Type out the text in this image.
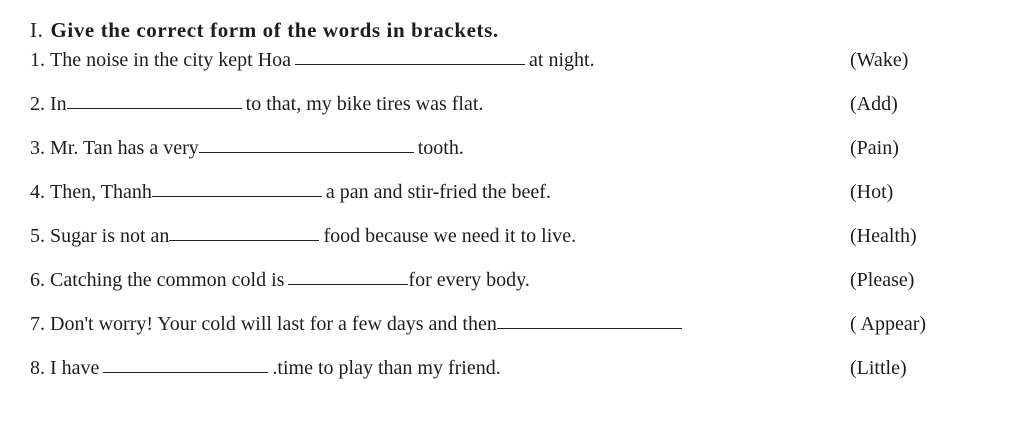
I. Give the correct form of the words in brackets.
1. The noise in the city kept Hoa	at night.	(Wake)
2. In	to that, my bike tires was flat.	(Add)
3. Mr. Tan has a very	tooth.	(Pain)
4. Then, Thanh	a pan and stir-fried the beef.	(Hot)
5. Sugar is not an	food because we need it to live.	(Health)
6. Catching the common cold is	for every body.	(Please)
7. Don't worry! Your cold will last for a few days and then	( Appear)
8. I have	.time to play than my friend.	(Little)
